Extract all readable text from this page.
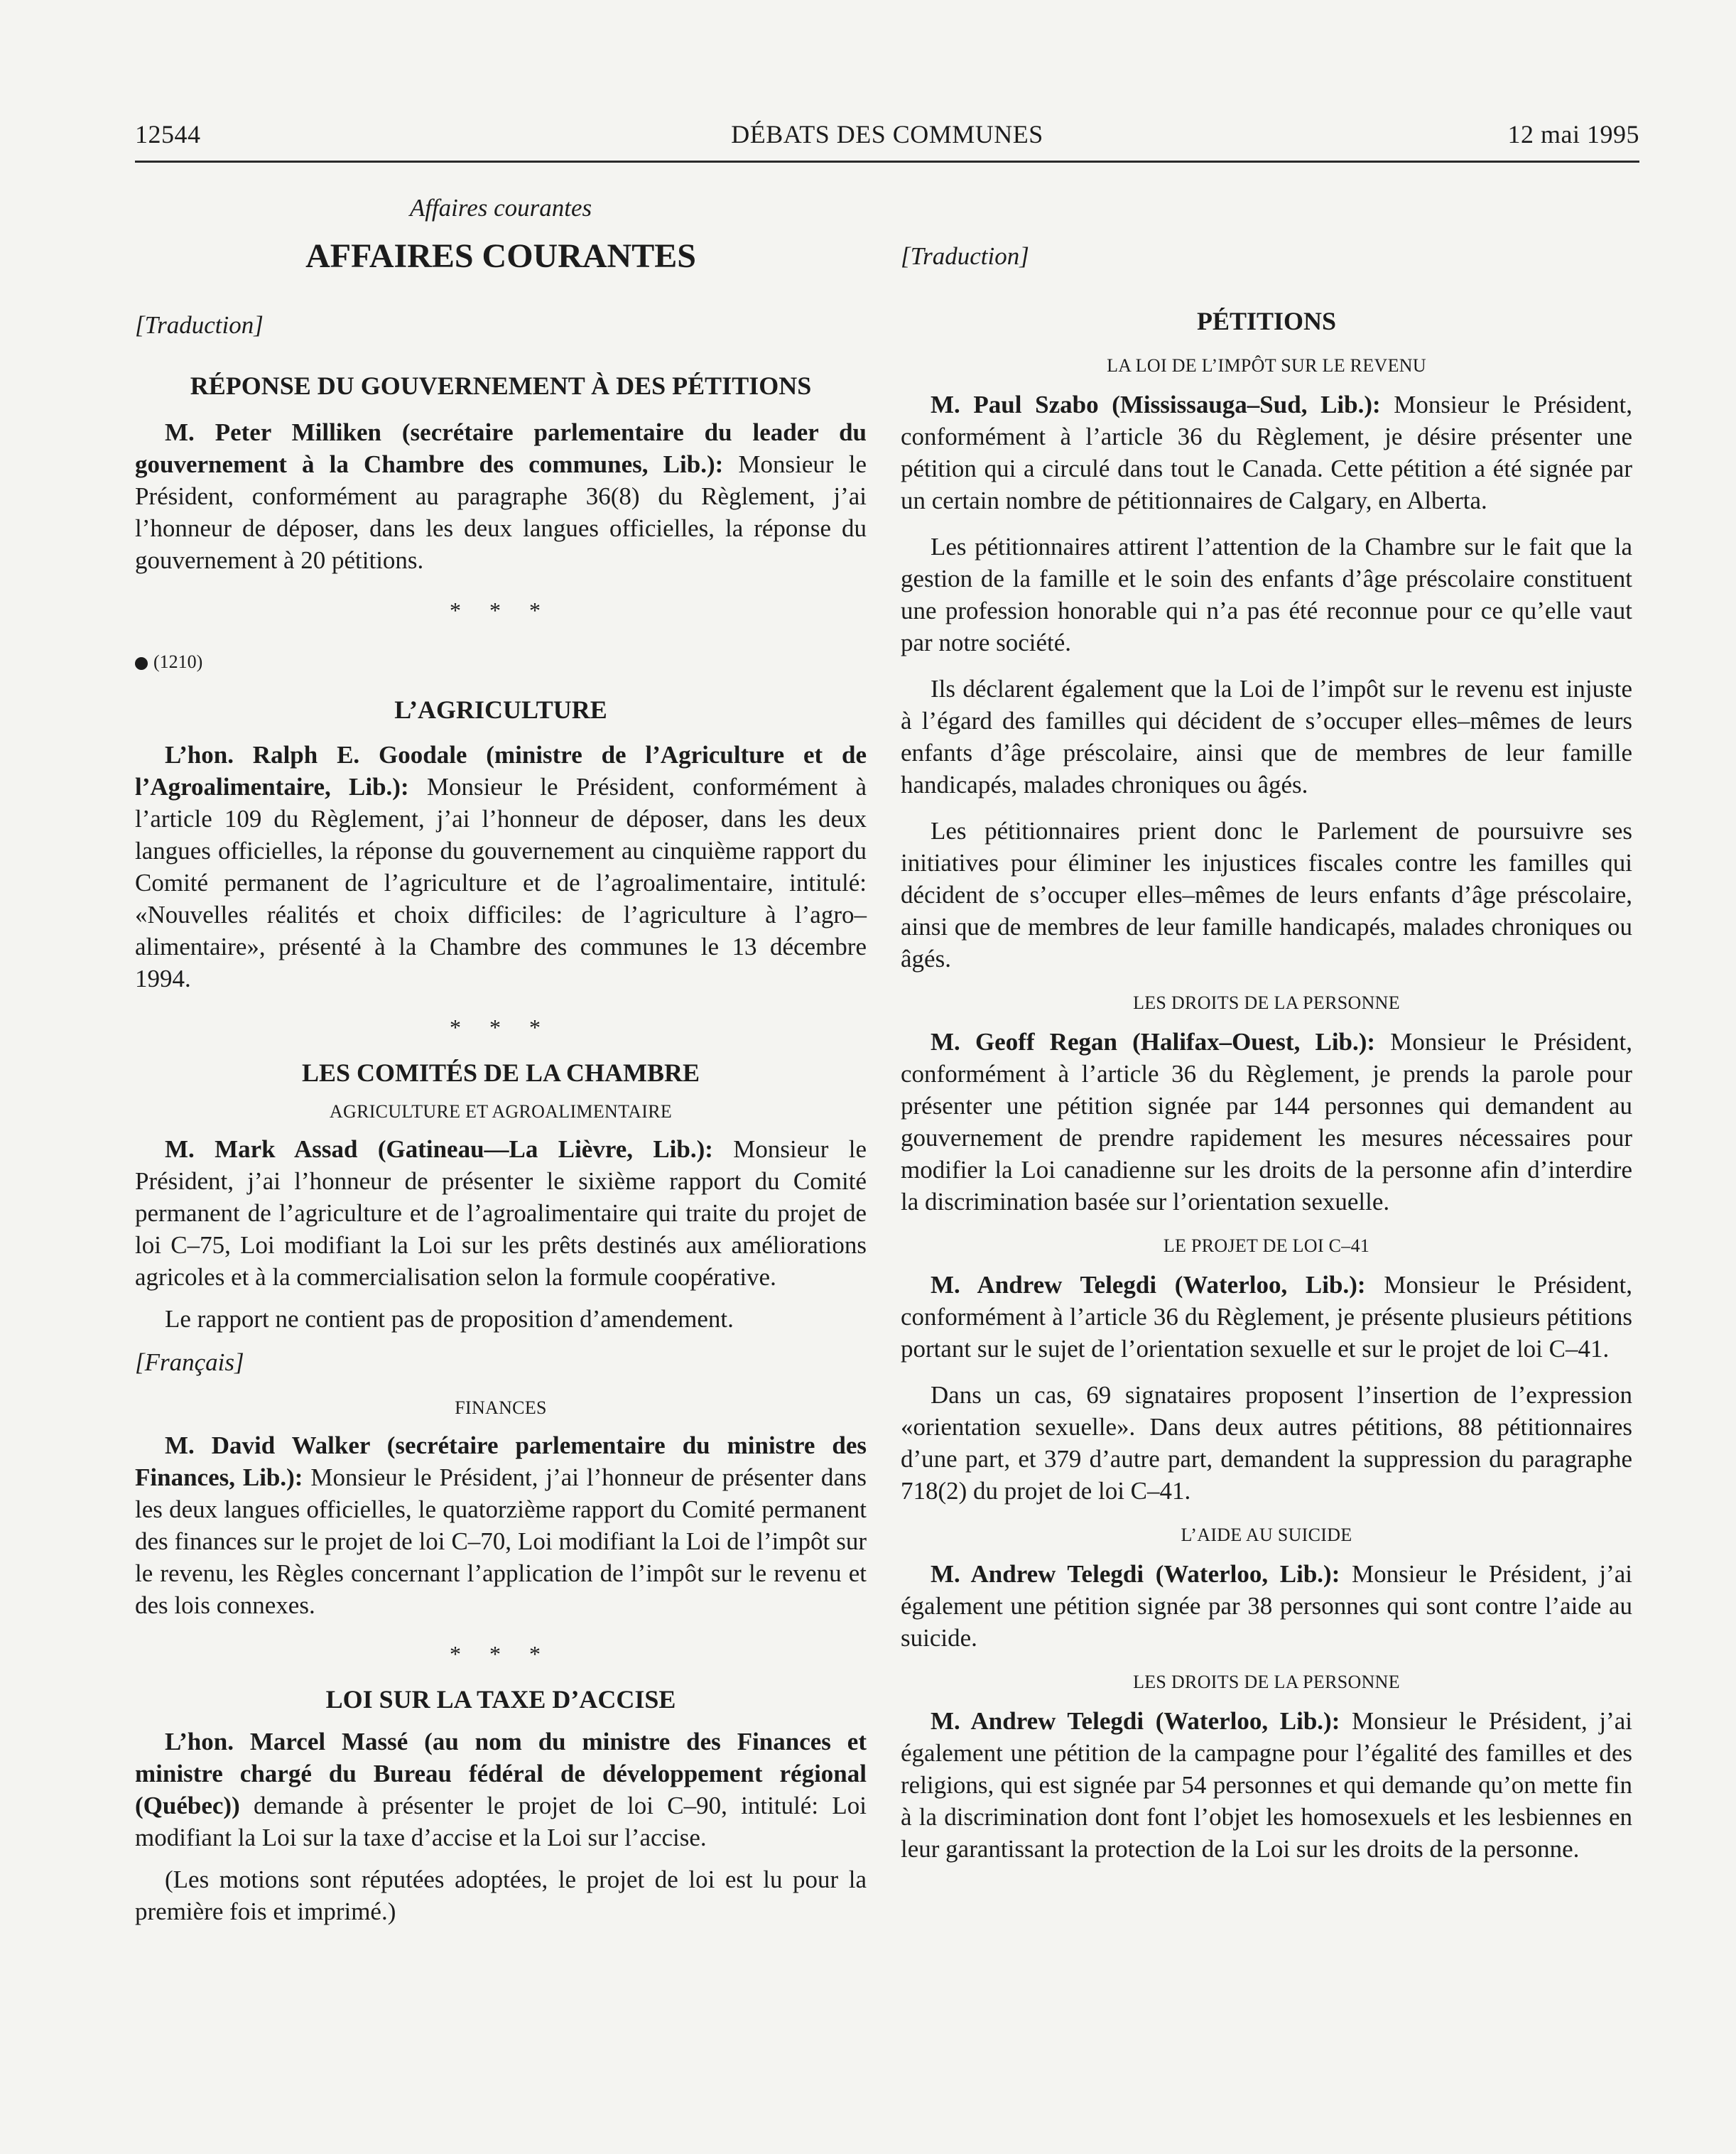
12544	DÉBATS DES COMMUNES	12 mai 1995

Affaires courantes

AFFAIRES COURANTES

[Traduction]

RÉPONSE DU GOUVERNEMENT À DES PÉTITIONS

M. Peter Milliken (secrétaire parlementaire du leader du gouvernement à la Chambre des communes, Lib.): Monsieur le Président, conformément au paragraphe 36(8) du Règlement, j’ai l’honneur de déposer, dans les deux langues officielles, la réponse du gouvernement à 20 pétitions.

* * *

(1210)

L’AGRICULTURE

L’hon. Ralph E. Goodale (ministre de l’Agriculture et de l’Agroalimentaire, Lib.): Monsieur le Président, conformément à l’article 109 du Règlement, j’ai l’honneur de déposer, dans les deux langues officielles, la réponse du gouvernement au cinquième rapport du Comité permanent de l’agriculture et de l’agroalimentaire, intitulé: «Nouvelles réalités et choix difficiles: de l’agriculture à l’agro–alimentaire», présenté à la Chambre des communes le 13 décembre 1994.

* * *

LES COMITÉS DE LA CHAMBRE

AGRICULTURE ET AGROALIMENTAIRE

M. Mark Assad (Gatineau—La Lièvre, Lib.): Monsieur le Président, j’ai l’honneur de présenter le sixième rapport du Comité permanent de l’agriculture et de l’agroalimentaire qui traite du projet de loi C–75, Loi modifiant la Loi sur les prêts destinés aux améliorations agricoles et à la commercialisation selon la formule coopérative.

Le rapport ne contient pas de proposition d’amendement.

[Français]

FINANCES

M. David Walker (secrétaire parlementaire du ministre des Finances, Lib.): Monsieur le Président, j’ai l’honneur de présenter dans les deux langues officielles, le quatorzième rapport du Comité permanent des finances sur le projet de loi C–70, Loi modifiant la Loi de l’impôt sur le revenu, les Règles concernant l’application de l’impôt sur le revenu et des lois connexes.

* * *

LOI SUR LA TAXE D’ACCISE

L’hon. Marcel Massé (au nom du ministre des Finances et ministre chargé du Bureau fédéral de développement régional (Québec)) demande à présenter le projet de loi C–90, intitulé: Loi modifiant la Loi sur la taxe d’accise et la Loi sur l’accise.

(Les motions sont réputées adoptées, le projet de loi est lu pour la première fois et imprimé.)

[Traduction]

PÉTITIONS

LA LOI DE L’IMPÔT SUR LE REVENU

M. Paul Szabo (Mississauga–Sud, Lib.): Monsieur le Président, conformément à l’article 36 du Règlement, je désire présenter une pétition qui a circulé dans tout le Canada. Cette pétition a été signée par un certain nombre de pétitionnaires de Calgary, en Alberta.

Les pétitionnaires attirent l’attention de la Chambre sur le fait que la gestion de la famille et le soin des enfants d’âge préscolaire constituent une profession honorable qui n’a pas été reconnue pour ce qu’elle vaut par notre société.

Ils déclarent également que la Loi de l’impôt sur le revenu est injuste à l’égard des familles qui décident de s’occuper elles–mêmes de leurs enfants d’âge préscolaire, ainsi que de membres de leur famille handicapés, malades chroniques ou âgés.

Les pétitionnaires prient donc le Parlement de poursuivre ses initiatives pour éliminer les injustices fiscales contre les familles qui décident de s’occuper elles–mêmes de leurs enfants d’âge préscolaire, ainsi que de membres de leur famille handicapés, malades chroniques ou âgés.

LES DROITS DE LA PERSONNE

M. Geoff Regan (Halifax–Ouest, Lib.): Monsieur le Président, conformément à l’article 36 du Règlement, je prends la parole pour présenter une pétition signée par 144 personnes qui demandent au gouvernement de prendre rapidement les mesures nécessaires pour modifier la Loi canadienne sur les droits de la personne afin d’interdire la discrimination basée sur l’orientation sexuelle.

LE PROJET DE LOI C–41

M. Andrew Telegdi (Waterloo, Lib.): Monsieur le Président, conformément à l’article 36 du Règlement, je présente plusieurs pétitions portant sur le sujet de l’orientation sexuelle et sur le projet de loi C–41.

Dans un cas, 69 signataires proposent l’insertion de l’expression «orientation sexuelle». Dans deux autres pétitions, 88 pétitionnaires d’une part, et 379 d’autre part, demandent la suppression du paragraphe 718(2) du projet de loi C–41.

L’AIDE AU SUICIDE

M. Andrew Telegdi (Waterloo, Lib.): Monsieur le Président, j’ai également une pétition signée par 38 personnes qui sont contre l’aide au suicide.

LES DROITS DE LA PERSONNE

M. Andrew Telegdi (Waterloo, Lib.): Monsieur le Président, j’ai également une pétition de la campagne pour l’égalité des familles et des religions, qui est signée par 54 personnes et qui demande qu’on mette fin à la discrimination dont font l’objet les homosexuels et les lesbiennes en leur garantissant la protection de la Loi sur les droits de la personne.
